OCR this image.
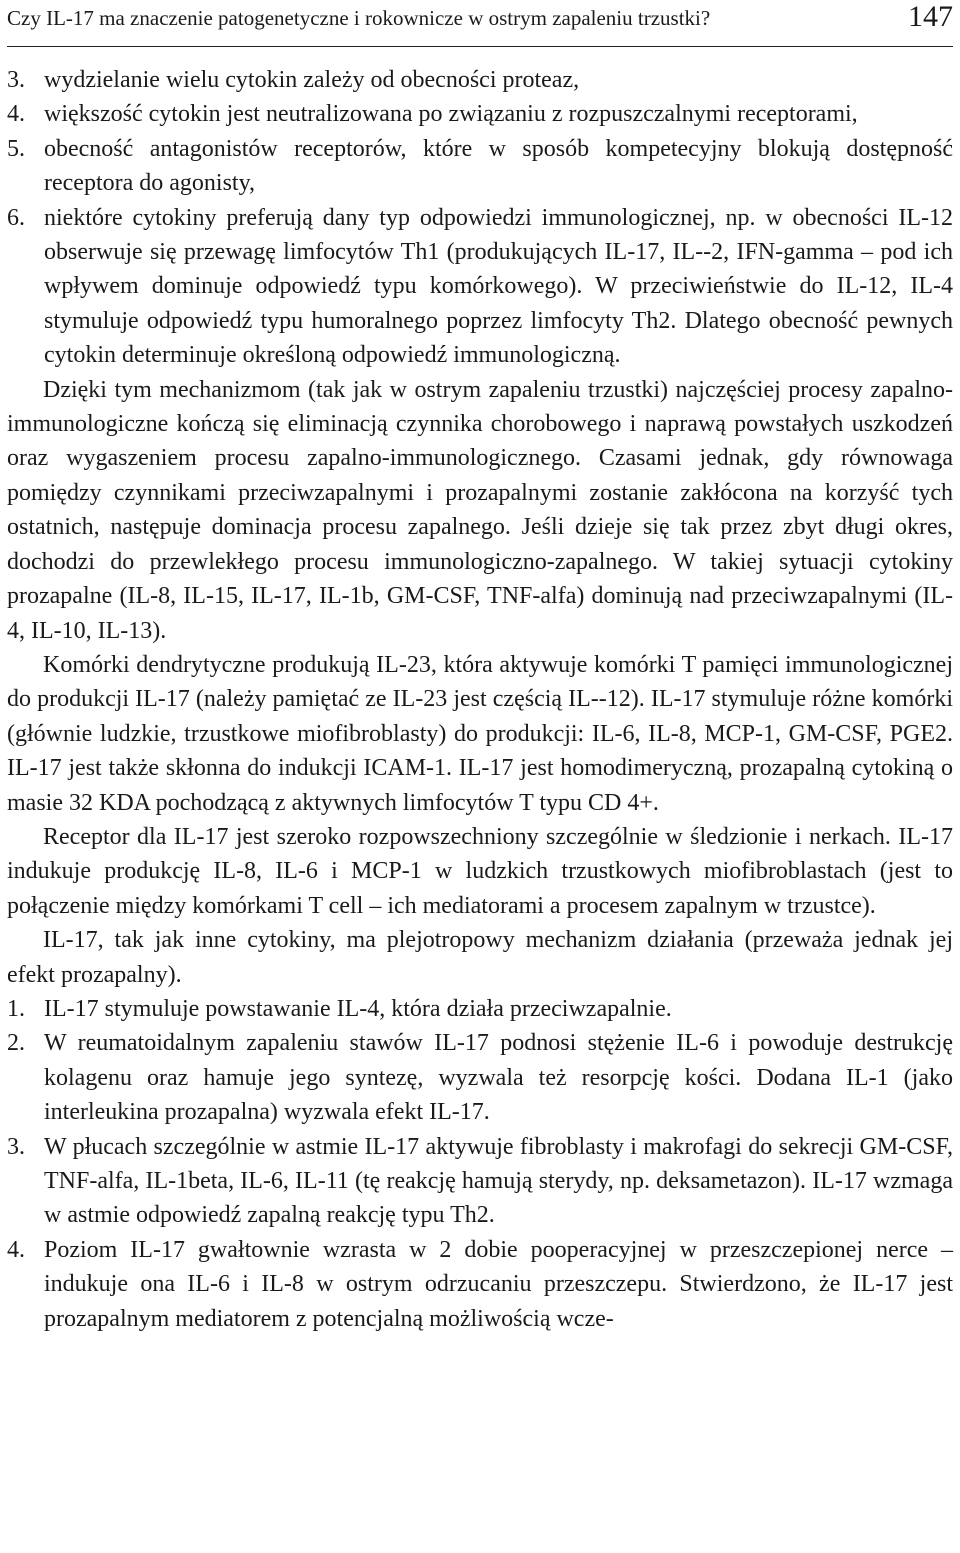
Czy IL-17 ma znaczenie patogenetyczne i rokownicze w ostrym zapaleniu trzustki?	147
3. wydzielanie wielu cytokin zależy od obecności proteaz,
4. większość cytokin jest neutralizowana po związaniu z rozpuszczalnymi receptorami,
5. obecność antagonistów receptorów, które w sposób kompetecyjny blokują dostępność receptora do agonisty,
6. niektóre cytokiny preferują dany typ odpowiedzi immunologicznej, np. w obecności IL-12 obserwuje się przewagę limfocytów Th1 (produkujących IL-17, IL--2, IFN-gamma – pod ich wpływem dominuje odpowiedź typu komórkowego). W przeciwieństwie do IL-12, IL-4 stymuluje odpowiedź typu humoralnego poprzez limfocyty Th2. Dlatego obecność pewnych cytokin determinuje określoną odpowiedź immunologiczną.

Dzięki tym mechanizmom (tak jak w ostrym zapaleniu trzustki) najczęściej procesy zapalno-immunologiczne kończą się eliminacją czynnika chorobowego i naprawą powstałych uszkodzeń oraz wygaszeniem procesu zapalno-immunologicznego. Czasami jednak, gdy równowaga pomiędzy czynnikami przeciwzapalnymi i prozapalnymi zostanie zakłócona na korzyść tych ostatnich, następuje dominacja procesu zapalnego. Jeśli dzieje się tak przez zbyt długi okres, dochodzi do przewlekłego procesu immunologiczno-zapalnego. W takiej sytuacji cytokiny prozapalne (IL-8, IL-15, IL-17, IL-1b, GM-CSF, TNF-alfa) dominują nad przeciwzapalnymi (IL-4, IL-10, IL-13).

Komórki dendrytyczne produkują IL-23, która aktywuje komórki T pamięci immunologicznej do produkcji IL-17 (należy pamiętać ze IL-23 jest częścią IL--12). IL-17 stymuluje różne komórki (głównie ludzkie, trzustkowe miofibroblasty) do produkcji: IL-6, IL-8, MCP-1, GM-CSF, PGE2. IL-17 jest także skłonna do indukcji ICAM-1. IL-17 jest homodimeryczną, prozapalną cytokiną o masie 32 KDA pochodzącą z aktywnych limfocytów T typu CD 4+.

Receptor dla IL-17 jest szeroko rozpowszechniony szczególnie w śledzionie i nerkach. IL-17 indukuje produkcję IL-8, IL-6 i MCP-1 w ludzkich trzustkowych miofibroblastach (jest to połączenie między komórkami T cell – ich mediatorami a procesem zapalnym w trzustce).

IL-17, tak jak inne cytokiny, ma plejotropowy mechanizm działania (przeważa jednak jej efekt prozapalny).

1. IL-17 stymuluje powstawanie IL-4, która działa przeciwzapalnie.
2. W reumatoidalnym zapaleniu stawów IL-17 podnosi stężenie IL-6 i powoduje destrukcję kolagenu oraz hamuje jego syntezę, wyzwala też resorpcję kości. Dodana IL-1 (jako interleukina prozapalna) wyzwala efekt IL-17.
3. W płucach szczególnie w astmie IL-17 aktywuje fibroblasty i makrofagi do sekrecji GM-CSF, TNF-alfa, IL-1beta, IL-6, IL-11 (tę reakcję hamują sterydy, np. deksametazon). IL-17 wzmaga w astmie odpowiedź zapalną reakcję typu Th2.
4. Poziom IL-17 gwałtownie wzrasta w 2 dobie pooperacyjnej w przeszczepionej nerce – indukuje ona IL-6 i IL-8 w ostrym odrzucaniu przeszczepu. Stwierdzono, że IL-17 jest prozapalnym mediatorem z potencjalną możliwością wcze-
